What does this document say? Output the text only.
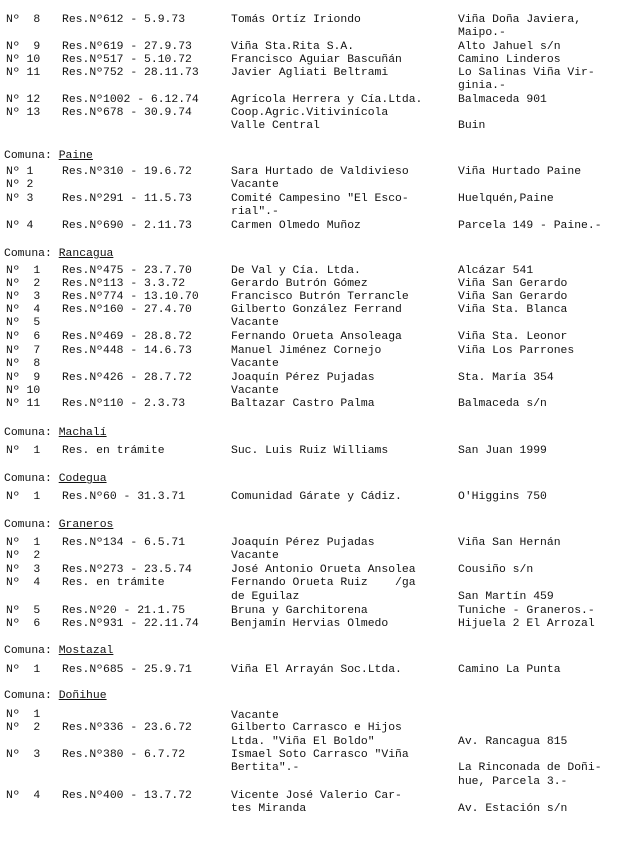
Nº  8 Res.Nº612 - 5.9.73	Tomás Ortíz Iriondo	Viña Doña Javiera,
Maipo.-
Nº  9 Res.Nº619 - 27.9.73	Viña Sta.Rita S.A.	Alto Jahuel s/n
Nº 10 Res.Nº517 - 5.10.72	Francisco Aguiar Bascuñán	Camino Linderos
Nº 11 Res.Nº752 - 28.11.73	Javier Agliati Beltrami	Lo Salinas Viña Vir-
ginia.-
Nº 12 Res.Nº1002 - 6.12.74	Agrícola Herrera y Cía.Ltda.	Balmaceda 901
Nº 13 Res.Nº678 - 30.9.74	Coop.Agric.Vitivinícola
Valle Central	Buin
Comuna: Paine
Nº 1	Res.Nº310 - 19.6.72	Sara Hurtado de Valdivieso	Viña Hurtado Paine
Nº 2	Vacante
Nº 3	Res.Nº291 - 11.5.73	Comité Campesino "El Esco-	Huelquén,Paine
rial".-
Nº 4	Res.Nº690 - 2.11.73	Carmen Olmedo Muñoz	Parcela 149 - Paine.-
Comuna: Rancagua
Nº  1 Res.Nº475 - 23.7.70	De Val y Cía. Ltda.	Alcázar 541
Nº  2 Res.Nº113 - 3.3.72	Gerardo Butrón Gómez	Viña San Gerardo
Nº  3 Res.Nº774 - 13.10.70	Francisco Butrón Terrancle	Viña San Gerardo
Nº  4 Res.Nº160 - 27.4.70	Gilberto González Ferrand	Viña Sta. Blanca
Nº  5	Vacante
Nº  6 Res.Nº469 - 28.8.72	Fernando Orueta Ansoleaga	Viña Sta. Leonor
Nº  7 Res.Nº448 - 14.6.73	Manuel Jiménez Cornejo	Viña Los Parrones
Nº  8	Vacante
Nº  9 Res.Nº426 - 28.7.72	Joaquín Pérez Pujadas	Sta. María 354
Nº 10	Vacante
Nº 11 Res.Nº110 - 2.3.73	Baltazar Castro Palma	Balmaceda s/n
Comuna: Machalí
Nº  1 Res. en trámite	Suc. Luis Ruiz Williams	San Juan 1999
Comuna: Codegua
Nº  1 Res.Nº60 - 31.3.71	Comunidad Gárate y Cádiz.	O'Higgins 750
Comuna: Graneros
Nº  1 Res.Nº134 - 6.5.71	Joaquín Pérez Pujadas	Viña San Hernán
Nº  2	Vacante
Nº  3 Res.Nº273 - 23.5.74	José Antonio Orueta Ansolea	Cousiño s/n
Nº  4 Res. en trámite	Fernando Orueta Ruiz    /ga
de Eguilaz	San Martín 459
Nº  5 Res.Nº20 - 21.1.75	Bruna y Garchitorena	Tuniche - Graneros.-
Nº  6 Res.Nº931 - 22.11.74	Benjamín Hervias Olmedo	Hijuela 2 El Arrozal
Comuna: Mostazal
Nº  1 Res.Nº685 - 25.9.71	Viña El Arrayán Soc.Ltda.	Camino La Punta
Comuna: Doñihue
Nº  1	Vacante
Nº  2 Res.Nº336 - 23.6.72	Gilberto Carrasco e Hijos
Ltda. "Viña El Boldo"	Av. Rancagua 815
Nº  3 Res.Nº380 - 6.7.72	Ismael Soto Carrasco "Viña
Bertita".-	La Rinconada de Doñi-
hue, Parcela 3.-
Nº  4 Res.Nº400 - 13.7.72	Vicente José Valerio Car-
tes Miranda	Av. Estación s/n
